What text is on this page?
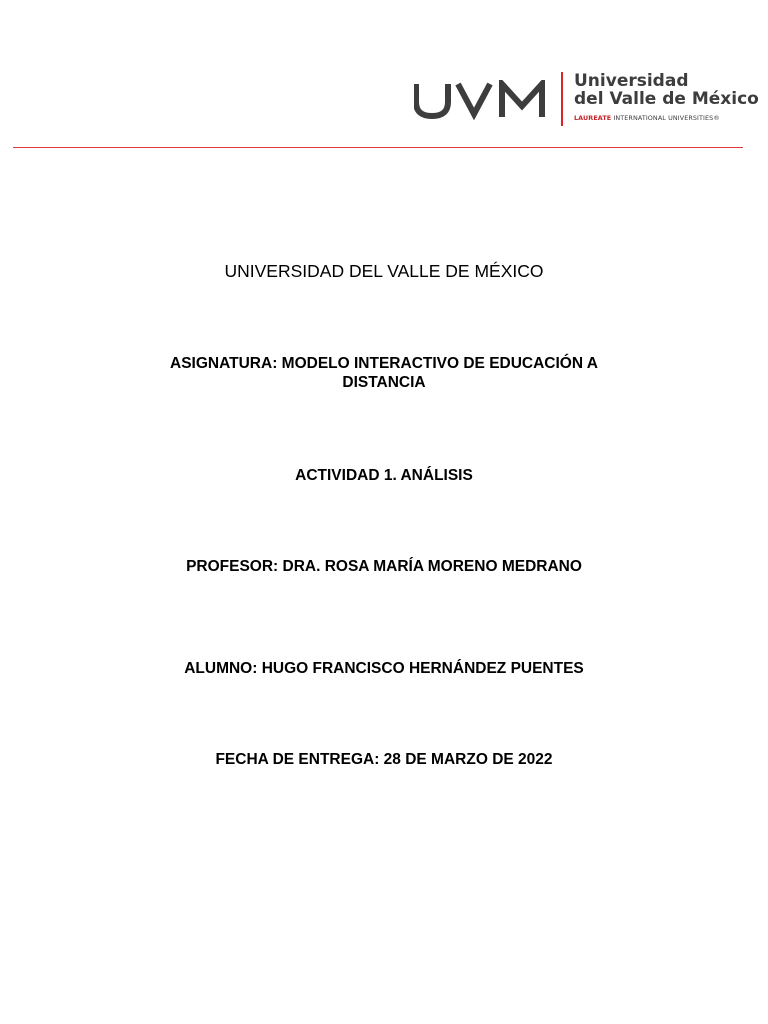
Universidad
del Valle de México
LAUREATE INTERNATIONAL UNIVERSITIES®
UNIVERSIDAD DEL VALLE DE MÉXICO
ASIGNATURA: MODELO INTERACTIVO DE EDUCACIÓN A
DISTANCIA
ACTIVIDAD 1. ANÁLISIS
PROFESOR: DRA. ROSA MARÍA MORENO MEDRANO
ALUMNO: HUGO FRANCISCO HERNÁNDEZ PUENTES
FECHA DE ENTREGA: 28 DE MARZO DE 2022
